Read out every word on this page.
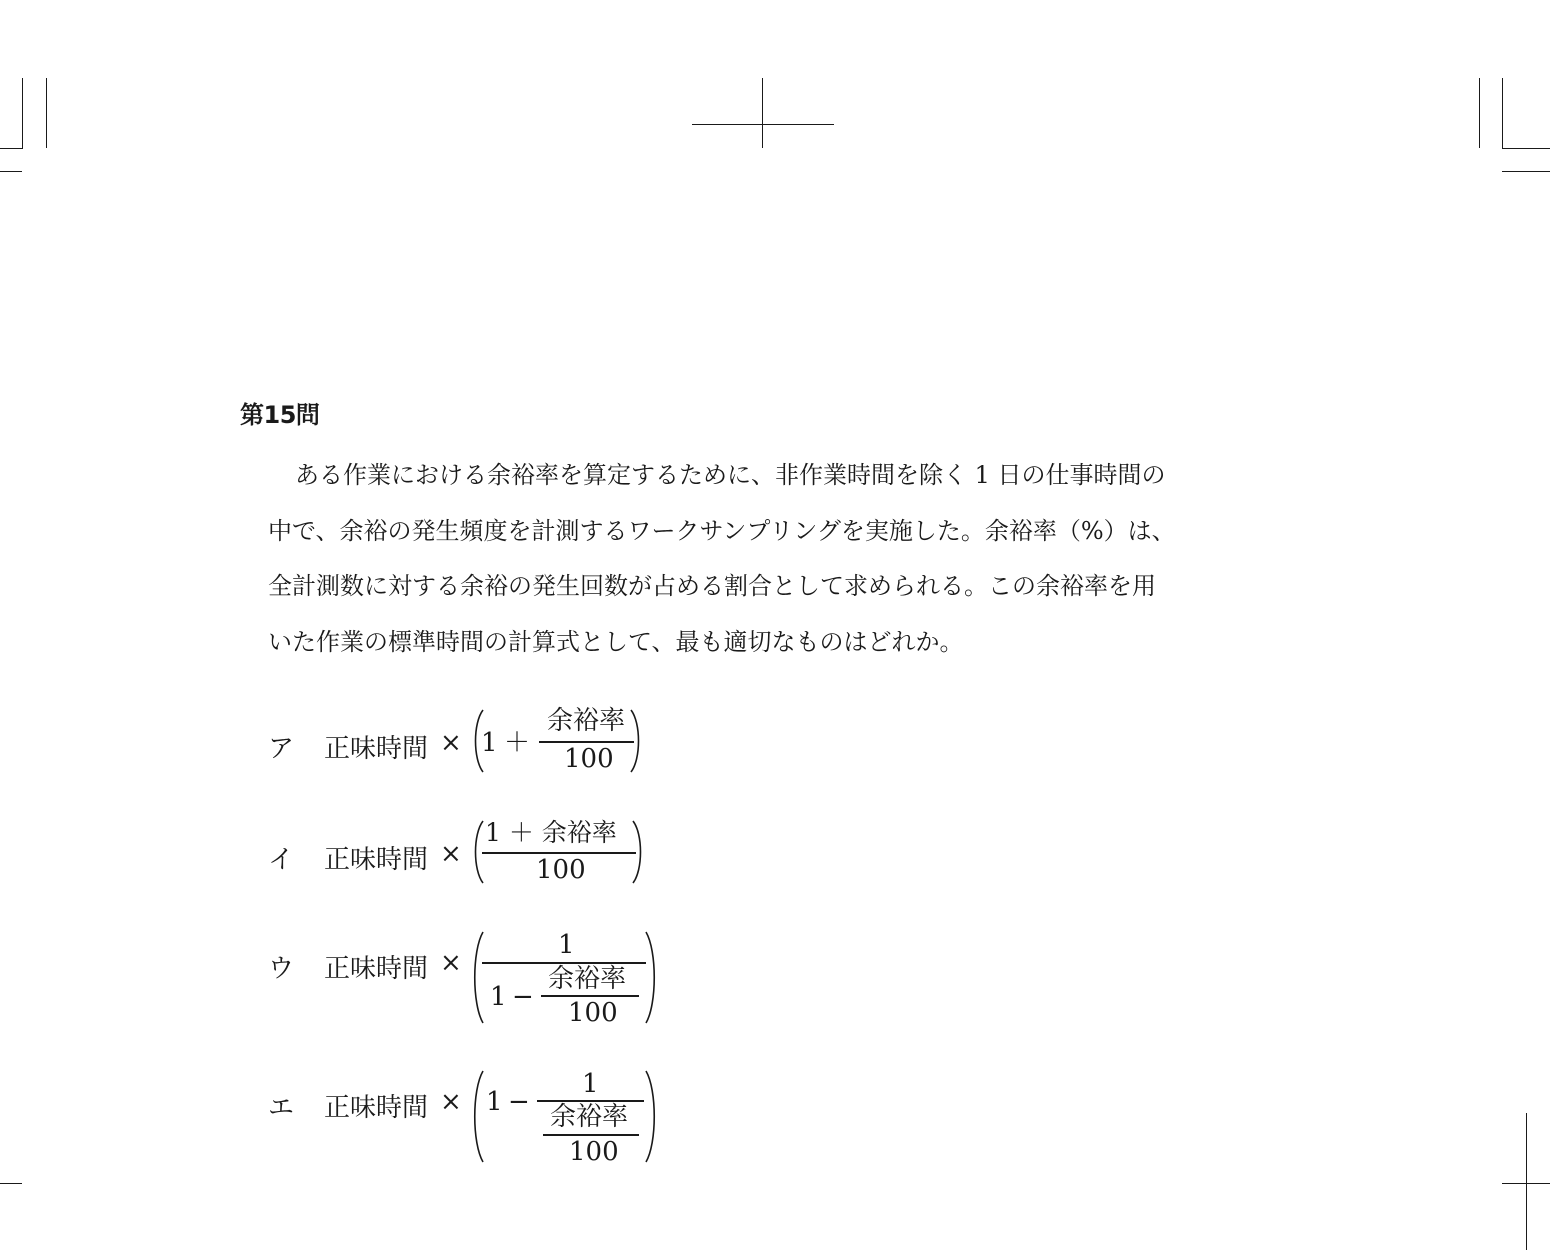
第15問
ある作業における余裕率を算定するために、非作業時間を除く 1 日の仕事時間の
中で、余裕の発生頻度を計測するワークサンプリングを実施した。余裕率（%）は、
全計測数に対する余裕の発生回数が占める割合として求められる。この余裕率を用
いた作業の標準時間の計算式として、最も適切なものはどれか。
ア 正味時間 × 1 ＋
余裕率
100
イ 正味時間 ×
1 ＋ 余裕率
100
ウ 正味時間 ×
1
1 −
余裕率
100
エ 正味時間 × 1 −
1
余裕率
100
